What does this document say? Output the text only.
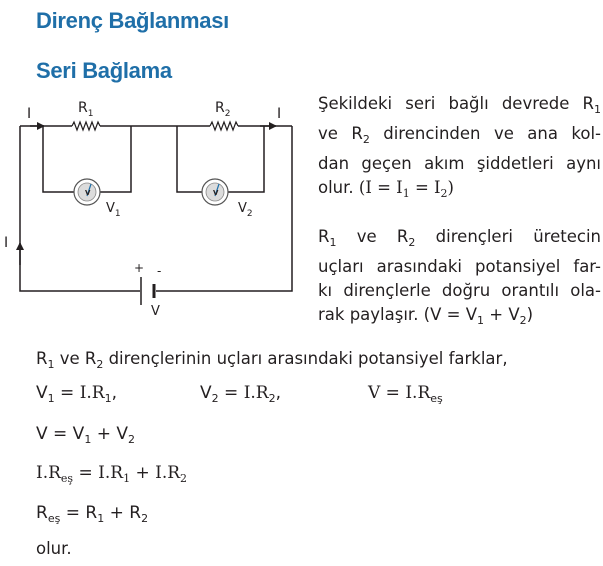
Direnç Bağlanması
Seri Bağlama
V	V
I	I
I
$R_1$	$R_2$
$V_1$	$V_2$
+ -
V
Şekildeki seri bağlı devrede $R_1$
ve $R_2$ direncinden ve ana kol-
dan geçen akım şiddetleri aynı
olur. $(I = I_1 = I_2)$
$R_1$ ve $R_2$ dirençleri üretecin
uçları arasındaki potansiyel far-
kı dirençlerle doğru orantılı ola-
rak paylaşır. $(V = V_1 + V_2)$
$R_1$ ve $R_2$ dirençlerinin uçları arasındaki potansiyel farklar,
$V_1 = I.R_1$,	$V_2 = I.R_2$,	$V = I.R_{eş}$
$V = V_1 + V_2$
$I.R_{eş} = I.R_1 + I.R_2$
$R_{eş} = R_1 + R_2$
olur.
